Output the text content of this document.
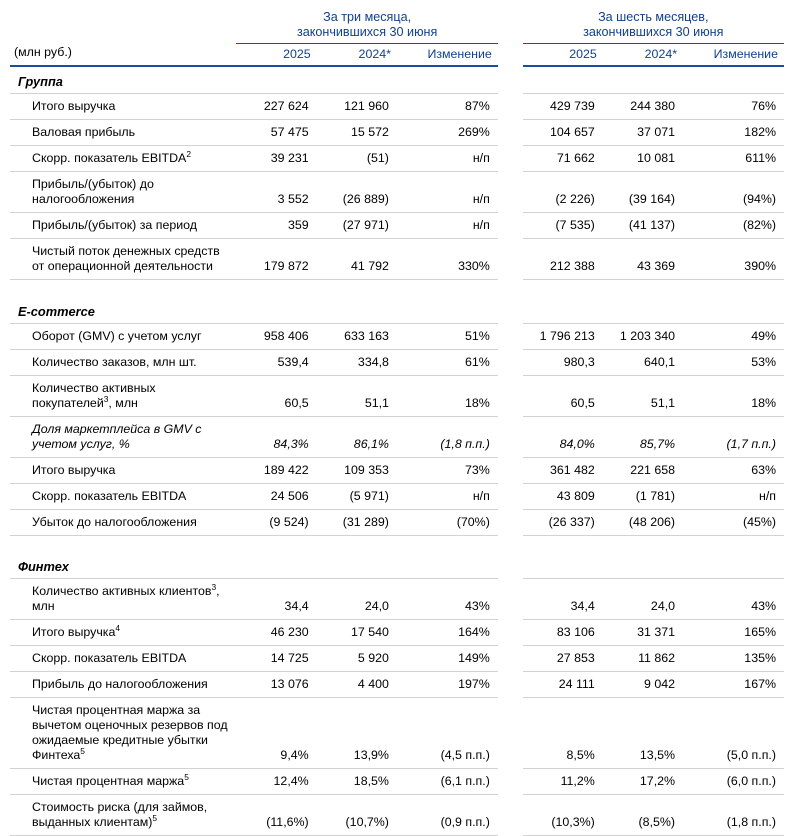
(млн руб.)	
За три месяца,
закончившихся 30 июня

За шесть месяцев,
закончившихся 30 июня

	2025	2024*	Изменение		2025	2024*	Изменение
Группа							
Итого выручка	227 624	121 960	87%		429 739	244 380	76%
Валовая прибыль	57 475	15 572	269%		104 657	37 071	182%
Скорр. показатель EBITDA$^2$	39 231	(51)	н/п		71 662	10 081	611%
Прибыль/(убыток) до налогообложения	3 552	(26 889)	н/п		(2 226)	(39 164)	(94%)
Прибыль/(убыток) за период	359	(27 971)	н/п		(7 535)	(41 137)	(82%)
Чистый поток денежных средств от операционной деятельности	179 872	41 792	330%		212 388	43 369	390%

E-commerce							
Оборот (GMV) с учетом услуг	958 406	633 163	51%		1 796 213	1 203 340	49%
Количество заказов, млн шт.	539,4	334,8	61%		980,3	640,1	53%
Количество активных покупателей$^3$, млн	60,5	51,1	18%		60,5	51,1	18%
Доля маркетплейса в GMV с учетом услуг, %	84,3%	86,1%	(1,8 п.п.)		84,0%	85,7%	(1,7 п.п.)
Итого выручка	189 422	109 353	73%		361 482	221 658	63%
Скорр. показатель EBITDA	24 506	(5 971)	н/п		43 809	(1 781)	н/п
Убыток до налогообложения	(9 524)	(31 289)	(70%)		(26 337)	(48 206)	(45%)

Финтех							
Количество активных клиентов$^3$, млн	34,4	24,0	43%		34,4	24,0	43%
Итого выручка$^4$	46 230	17 540	164%		83 106	31 371	165%
Скорр. показатель EBITDA	14 725	5 920	149%		27 853	11 862	135%
Прибыль до налогообложения	13 076	4 400	197%		24 111	9 042	167%
Чистая процентная маржа за вычетом оценочных резервов под ожидаемые кредитные убытки Финтеха$^5$	9,4%	13,9%	(4,5 п.п.)		8,5%	13,5%	(5,0 п.п.)
Чистая процентная маржа$^5$	12,4%	18,5%	(6,1 п.п.)		11,2%	17,2%	(6,0 п.п.)
Стоимость риска (для займов, выданных клиентам)$^5$	(11,6%)	(10,7%)	(0,9 п.п.)		(10,3%)	(8,5%)	(1,8 п.п.)
